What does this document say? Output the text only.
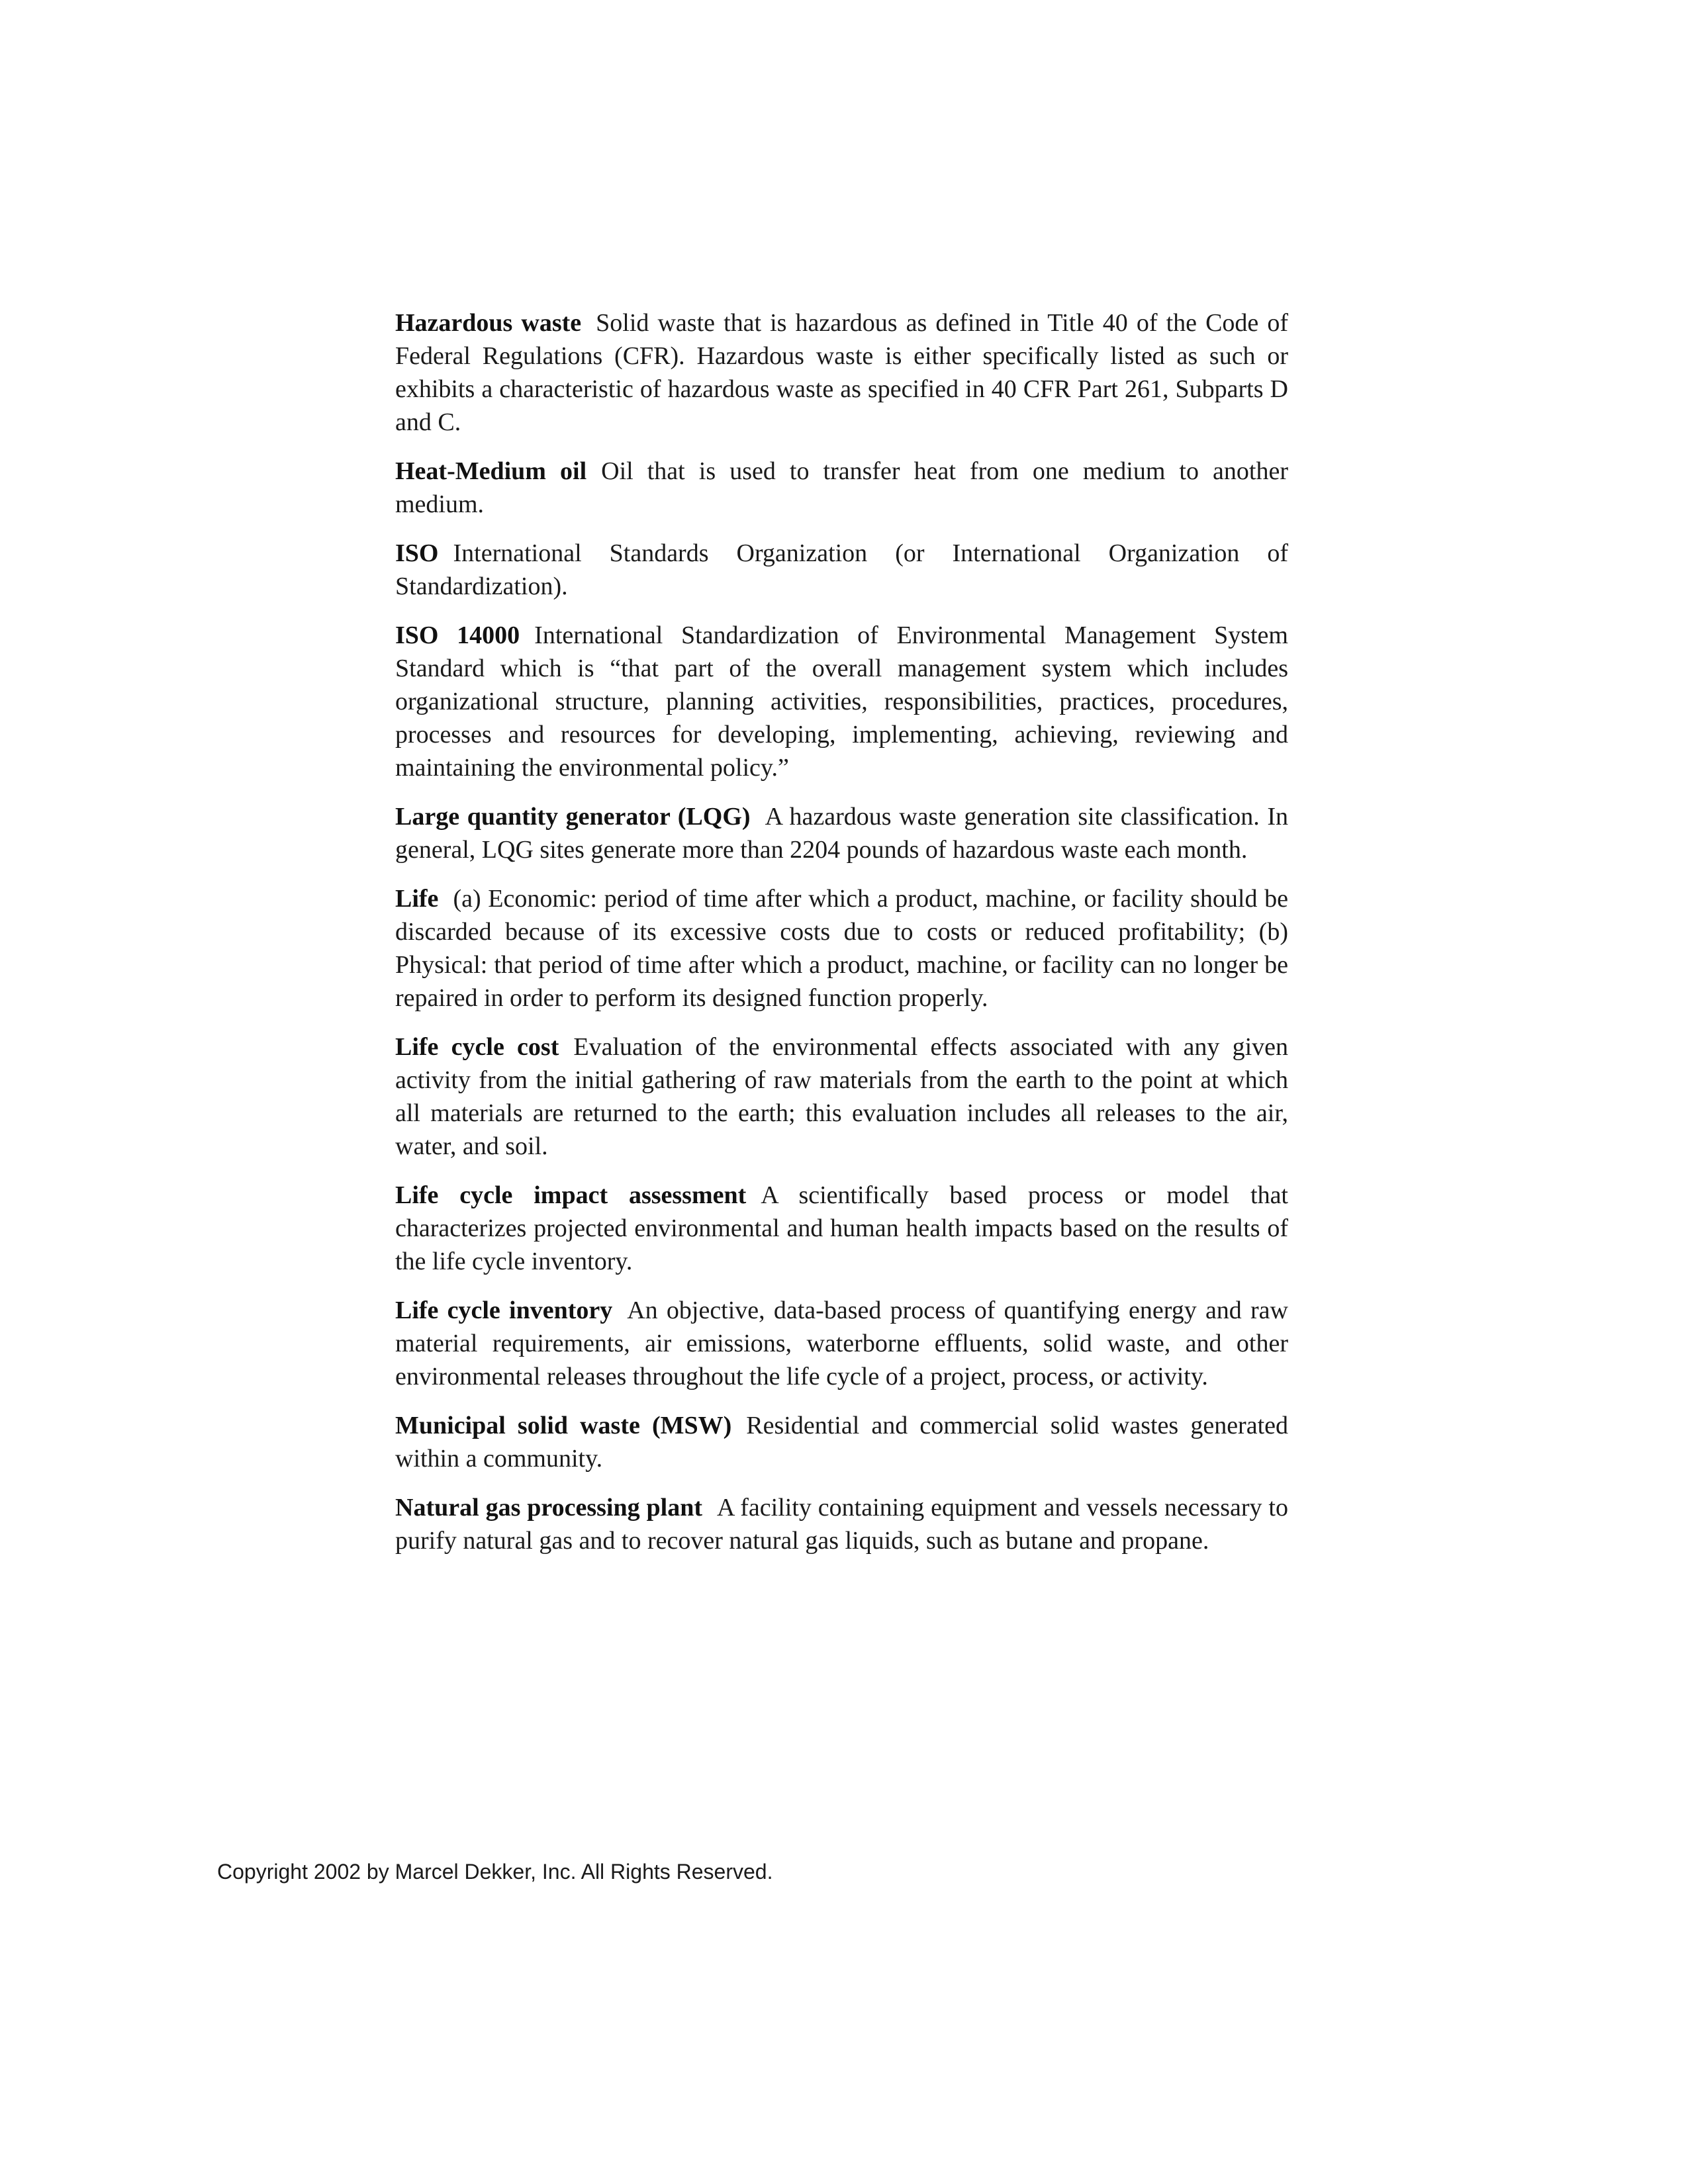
Hazardous waste Solid waste that is hazardous as defined in Title 40 of the Code of Federal Regulations (CFR). Hazardous waste is either specifically listed as such or exhibits a characteristic of hazardous waste as specified in 40 CFR Part 261, Subparts D and C.

Heat-Medium oil Oil that is used to transfer heat from one medium to another medium.

ISO International Standards Organization (or International Organization of Standardization).

ISO 14000 International Standardization of Environmental Management System Standard which is “that part of the overall management system which includes organizational structure, planning activities, responsibilities, practices, procedures, processes and resources for developing, implementing, achieving, reviewing and maintaining the environmental policy.”

Large quantity generator (LQG) A hazardous waste generation site classification. In general, LQG sites generate more than 2204 pounds of hazardous waste each month.

Life (a) Economic: period of time after which a product, machine, or facility should be discarded because of its excessive costs due to costs or reduced profitability; (b) Physical: that period of time after which a product, machine, or facility can no longer be repaired in order to perform its designed function properly.

Life cycle cost Evaluation of the environmental effects associated with any given activity from the initial gathering of raw materials from the earth to the point at which all materials are returned to the earth; this evaluation includes all releases to the air, water, and soil.

Life cycle impact assessment A scientifically based process or model that characterizes projected environmental and human health impacts based on the results of the life cycle inventory.

Life cycle inventory An objective, data-based process of quantifying energy and raw material requirements, air emissions, waterborne effluents, solid waste, and other environmental releases throughout the life cycle of a project, process, or activity.

Municipal solid waste (MSW) Residential and commercial solid wastes generated within a community.

Natural gas processing plant A facility containing equipment and vessels necessary to purify natural gas and to recover natural gas liquids, such as butane and propane.

Copyright 2002 by Marcel Dekker, Inc. All Rights Reserved.
